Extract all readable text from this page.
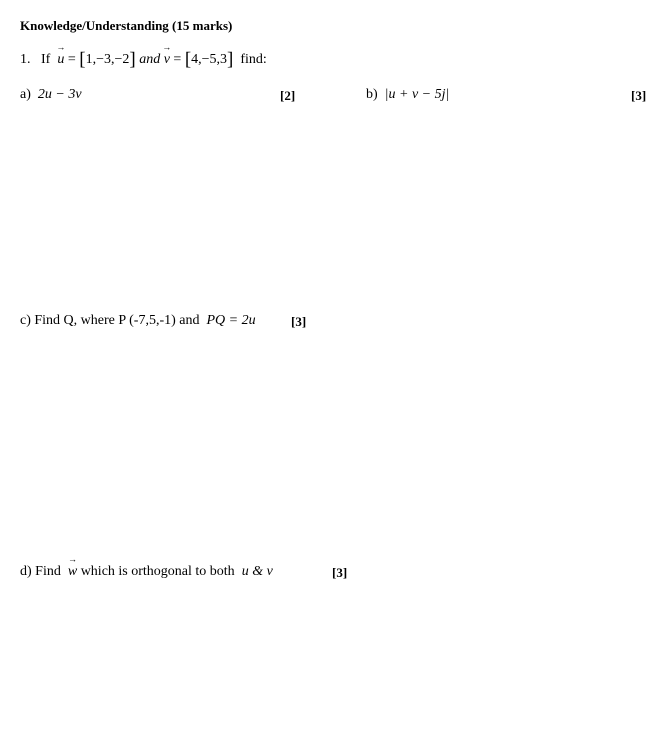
Knowledge/Understanding (15 marks)
1. If
→
u = [1,−3,−2] and
→
v = [4,−5,3] find:
a) 2u − 3v	[2]	b) |u + v − 5j|	[3]
c) Find Q, where P (-7,5,-1) and PQ = 2u	[3]
d) Find
→
w which is orthogonal to both u & v	[3]
